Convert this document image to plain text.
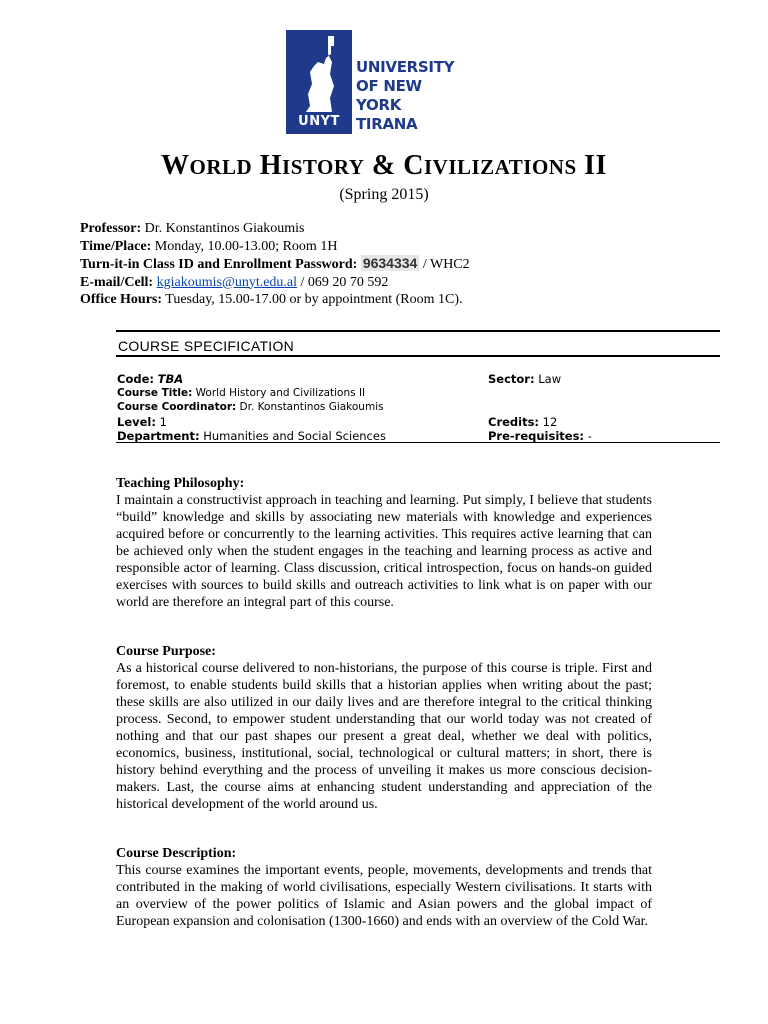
UNYT
UNIVERSITY
OF NEW YORK
TIRANA
WORLD HISTORY & CIVILIZATIONS II
(Spring 2015)
Professor: Dr. Konstantinos Giakoumis
Time/Place: Monday, 10.00-13.00; Room 1H
Turn-it-in Class ID and Enrollment Password: 9634334 / WHC2
E-mail/Cell: kgiakoumis@unyt.edu.al / 069 20 70 592
Office Hours: Tuesday, 15.00-17.00 or by appointment (Room 1C).
COURSE SPECIFICATION
Code: TBA	Sector: Law
Course Title: World History and Civilizations II
Course Coordinator: Dr. Konstantinos Giakoumis
Level: 1	Credits: 12
Department: Humanities and Social Sciences	Pre-requisites: -
Teaching Philosophy:

I maintain a constructivist approach in teaching and learning. Put simply, I believe that students “build” knowledge and skills by associating new materials with knowledge and experiences acquired before or concurrently to the learning activities. This requires active learning that can be achieved only when the student engages in the teaching and learning process as active and responsible actor of learning. Class discussion, critical introspection, focus on hands-on guided exercises with sources to build skills and outreach activities to link what is on paper with our world are therefore an integral part of this course.

Course Purpose:

As a historical course delivered to non-historians, the purpose of this course is triple. First and foremost, to enable students build skills that a historian applies when writing about the past; these skills are also utilized in our daily lives and are therefore integral to the critical thinking process. Second, to empower student understanding that our world today was not created of nothing and that our past shapes our present a great deal, whether we deal with politics, economics, business, institutional, social, technological or cultural matters; in short, there is history behind everything and the process of unveiling it makes us more conscious decision-makers. Last, the course aims at enhancing student understanding and appreciation of the historical development of the world around us.

Course Description:

This course examines the important events, people, movements, developments and trends that contributed in the making of world civilisations, especially Western civilisations. It starts with an overview of the power politics of Islamic and Asian powers and the global impact of European expansion and colonisation (1300-1660) and ends with an overview of the Cold War.
